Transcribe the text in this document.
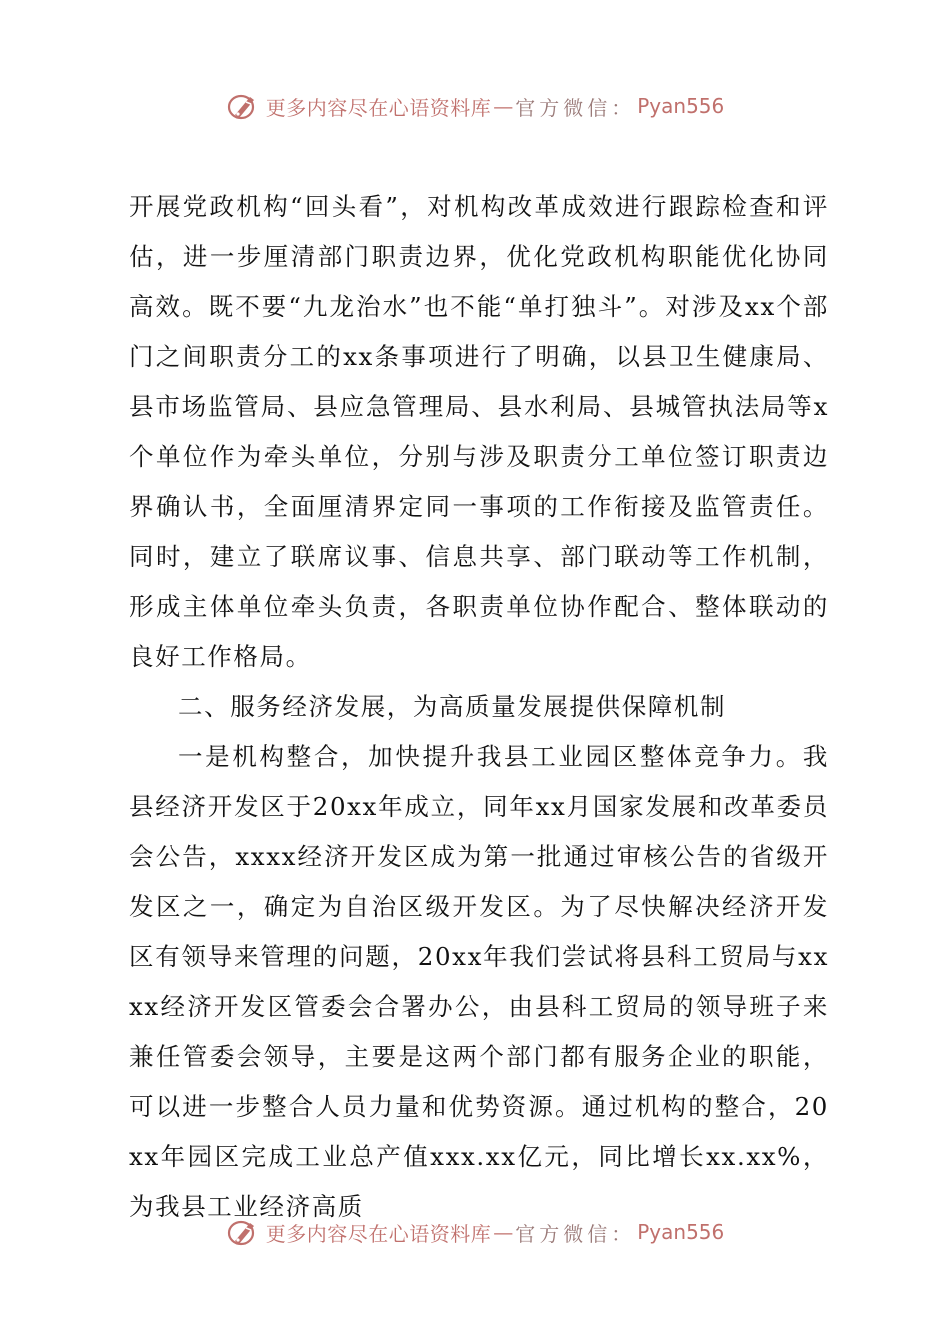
更多内容尽在心语资料库 — 官方微信： Pyan556

开展党政机构“回头看”，对机构改革成效进行跟踪检查和评估，进一步厘清部门职责边界，优化党政机构职能优化协同高效。既不要“九龙治水”也不能“单打独斗”。对涉及xx个部门之间职责分工的xx条事项进行了明确，以县卫生健康局、县市场监管局、县应急管理局、县水利局、县城管执法局等x个单位作为牵头单位，分别与涉及职责分工单位签订职责边界确认书，全面厘清界定同一事项的工作衔接及监管责任。同时，建立了联席议事、信息共享、部门联动等工作机制，形成主体单位牵头负责，各职责单位协作配合、整体联动的良好工作格局。

二、服务经济发展，为高质量发展提供保障机制

一是机构整合，加快提升我县工业园区整体竞争力。我县经济开发区于20xx年成立，同年xx月国家发展和改革委员会公告，xxxx经济开发区成为第一批通过审核公告的省级开发区之一，确定为自治区级开发区。为了尽快解决经济开发区有领导来管理的问题，20xx年我们尝试将县科工贸局与xxxx经济开发区管委会合署办公，由县科工贸局的领导班子来兼任管委会领导，主要是这两个部门都有服务企业的职能，可以进一步整合人员力量和优势资源。通过机构的整合，20xx年园区完成工业总产值xxx.xx亿元，同比增长xx.xx%，为我县工业经济高质

更多内容尽在心语资料库 — 官方微信： Pyan556
